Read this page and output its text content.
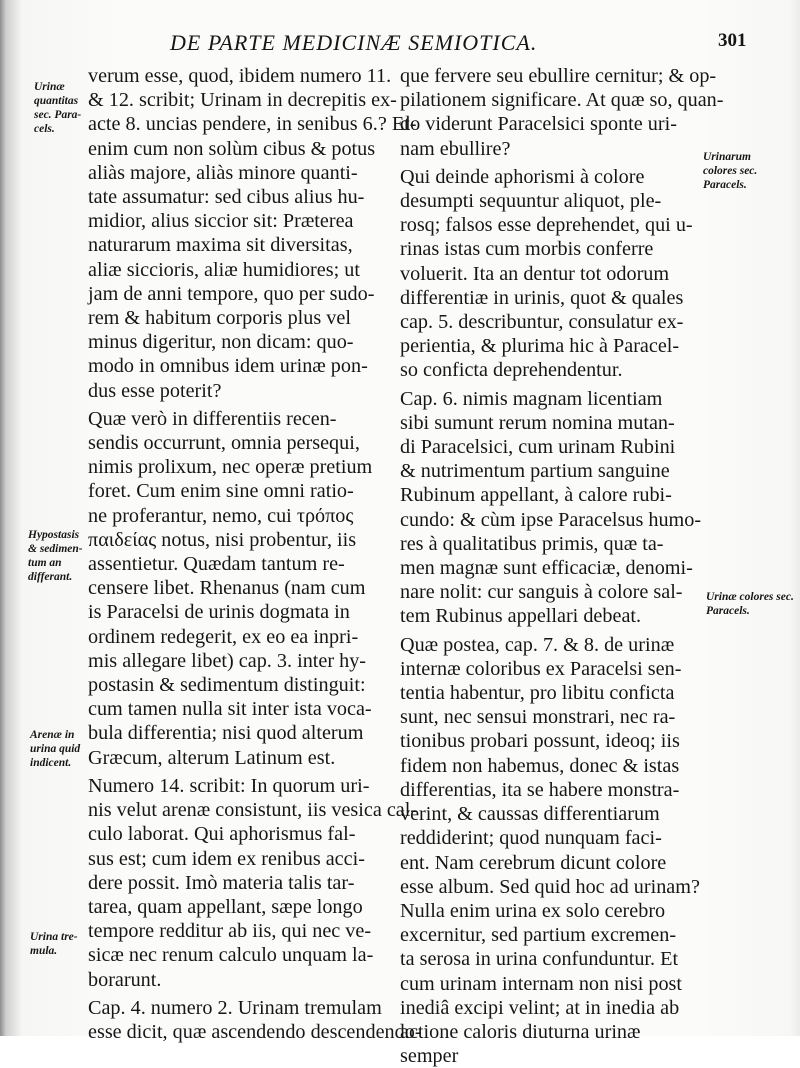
DE PARTE MEDICINÆ SEMIOTICA.	301
Urinæ
quantitas
sec. Para-
cels.
Hypostasis
& sedimen-
tum an
differant.
Arenæ in
urina quid
indicent.
Urina tre-
mula.
Urinarum
colores sec.
Paracels.
Urinæ colores sec.
Paracels.
verum esse, quod, ibidem numero 11.
& 12. scribit; Urinam in decrepitis ex-
acte 8. uncias pendere, in senibus 6.? Et-
enim cum non solùm cibus & potus
aliàs majore, aliàs minore quanti-
tate assumatur: sed cibus alius hu-
midior, alius siccior sit: Præterea
naturarum maxima sit diversitas,
aliæ siccioris, aliæ humidiores; ut
jam de anni tempore, quo per sudo-
rem & habitum corporis plus vel
minus digeritur, non dicam: quo-
modo in omnibus idem urinæ pon-
dus esse poterit?
Quæ verò in differentiis recen-
sendis occurrunt, omnia persequi,
nimis prolixum, nec operæ pretium
foret. Cum enim sine omni ratio-
ne proferantur, nemo, cui τρόπος
παιδείας notus, nisi probentur, iis
assentietur. Quædam tantum re-
censere libet. Rhenanus (nam cum
is Paracelsi de urinis dogmata in
ordinem redegerit, ex eo ea inpri-
mis allegare libet) cap. 3. inter hy-
postasin & sedimentum distinguit:
cum tamen nulla sit inter ista voca-
bula differentia; nisi quod alterum
Græcum, alterum Latinum est.
Numero 14. scribit: In quorum uri-
nis velut arenæ consistunt, iis vesica cal-
culo laborat. Qui aphorismus fal-
sus est; cum idem ex renibus acci-
dere possit. Imò materia talis tar-
tarea, quam appellant, sæpe longo
tempore redditur ab iis, qui nec ve-
sicæ nec renum calculo unquam la-
borarunt.
Cap. 4. numero 2. Urinam tremulam
esse dicit, quæ ascendendo descendendo-
que fervere seu ebullire cernitur; & op-
pilationem significare. At quæ so, quan-
do viderunt Paracelsici sponte uri-
nam ebullire?
Qui deinde aphorismi à colore
desumpti sequuntur aliquot, ple-
rosq; falsos esse deprehendet, qui u-
rinas istas cum morbis conferre
voluerit. Ita an dentur tot odorum
differentiæ in urinis, quot & quales
cap. 5. describuntur, consulatur ex-
perientia, & plurima hic à Paracel-
so conficta deprehendentur.
Cap. 6. nimis magnam licentiam
sibi sumunt rerum nomina mutan-
di Paracelsici, cum urinam Rubini
& nutrimentum partium sanguine
Rubinum appellant, à calore rubi-
cundo: & cùm ipse Paracelsus humo-
res à qualitatibus primis, quæ ta-
men magnæ sunt efficaciæ, denomi-
nare nolit: cur sanguis à colore sal-
tem Rubinus appellari debeat.
Quæ postea, cap. 7. & 8. de urinæ
internæ coloribus ex Paracelsi sen-
tentia habentur, pro libitu conficta
sunt, nec sensui monstrari, nec ra-
tionibus probari possunt, ideoq; iis
fidem non habemus, donec & istas
differentias, ita se habere monstra-
verint, & caussas differentiarum
reddiderint; quod nunquam faci-
ent. Nam cerebrum dicunt colore
esse album. Sed quid hoc ad urinam?
Nulla enim urina ex solo cerebro
excernitur, sed partium excremen-
ta serosa in urina confunduntur. Et
cum urinam internam non nisi post
inediâ excipi velint; at in inedia ab
actione caloris diuturna urinæ
semper
